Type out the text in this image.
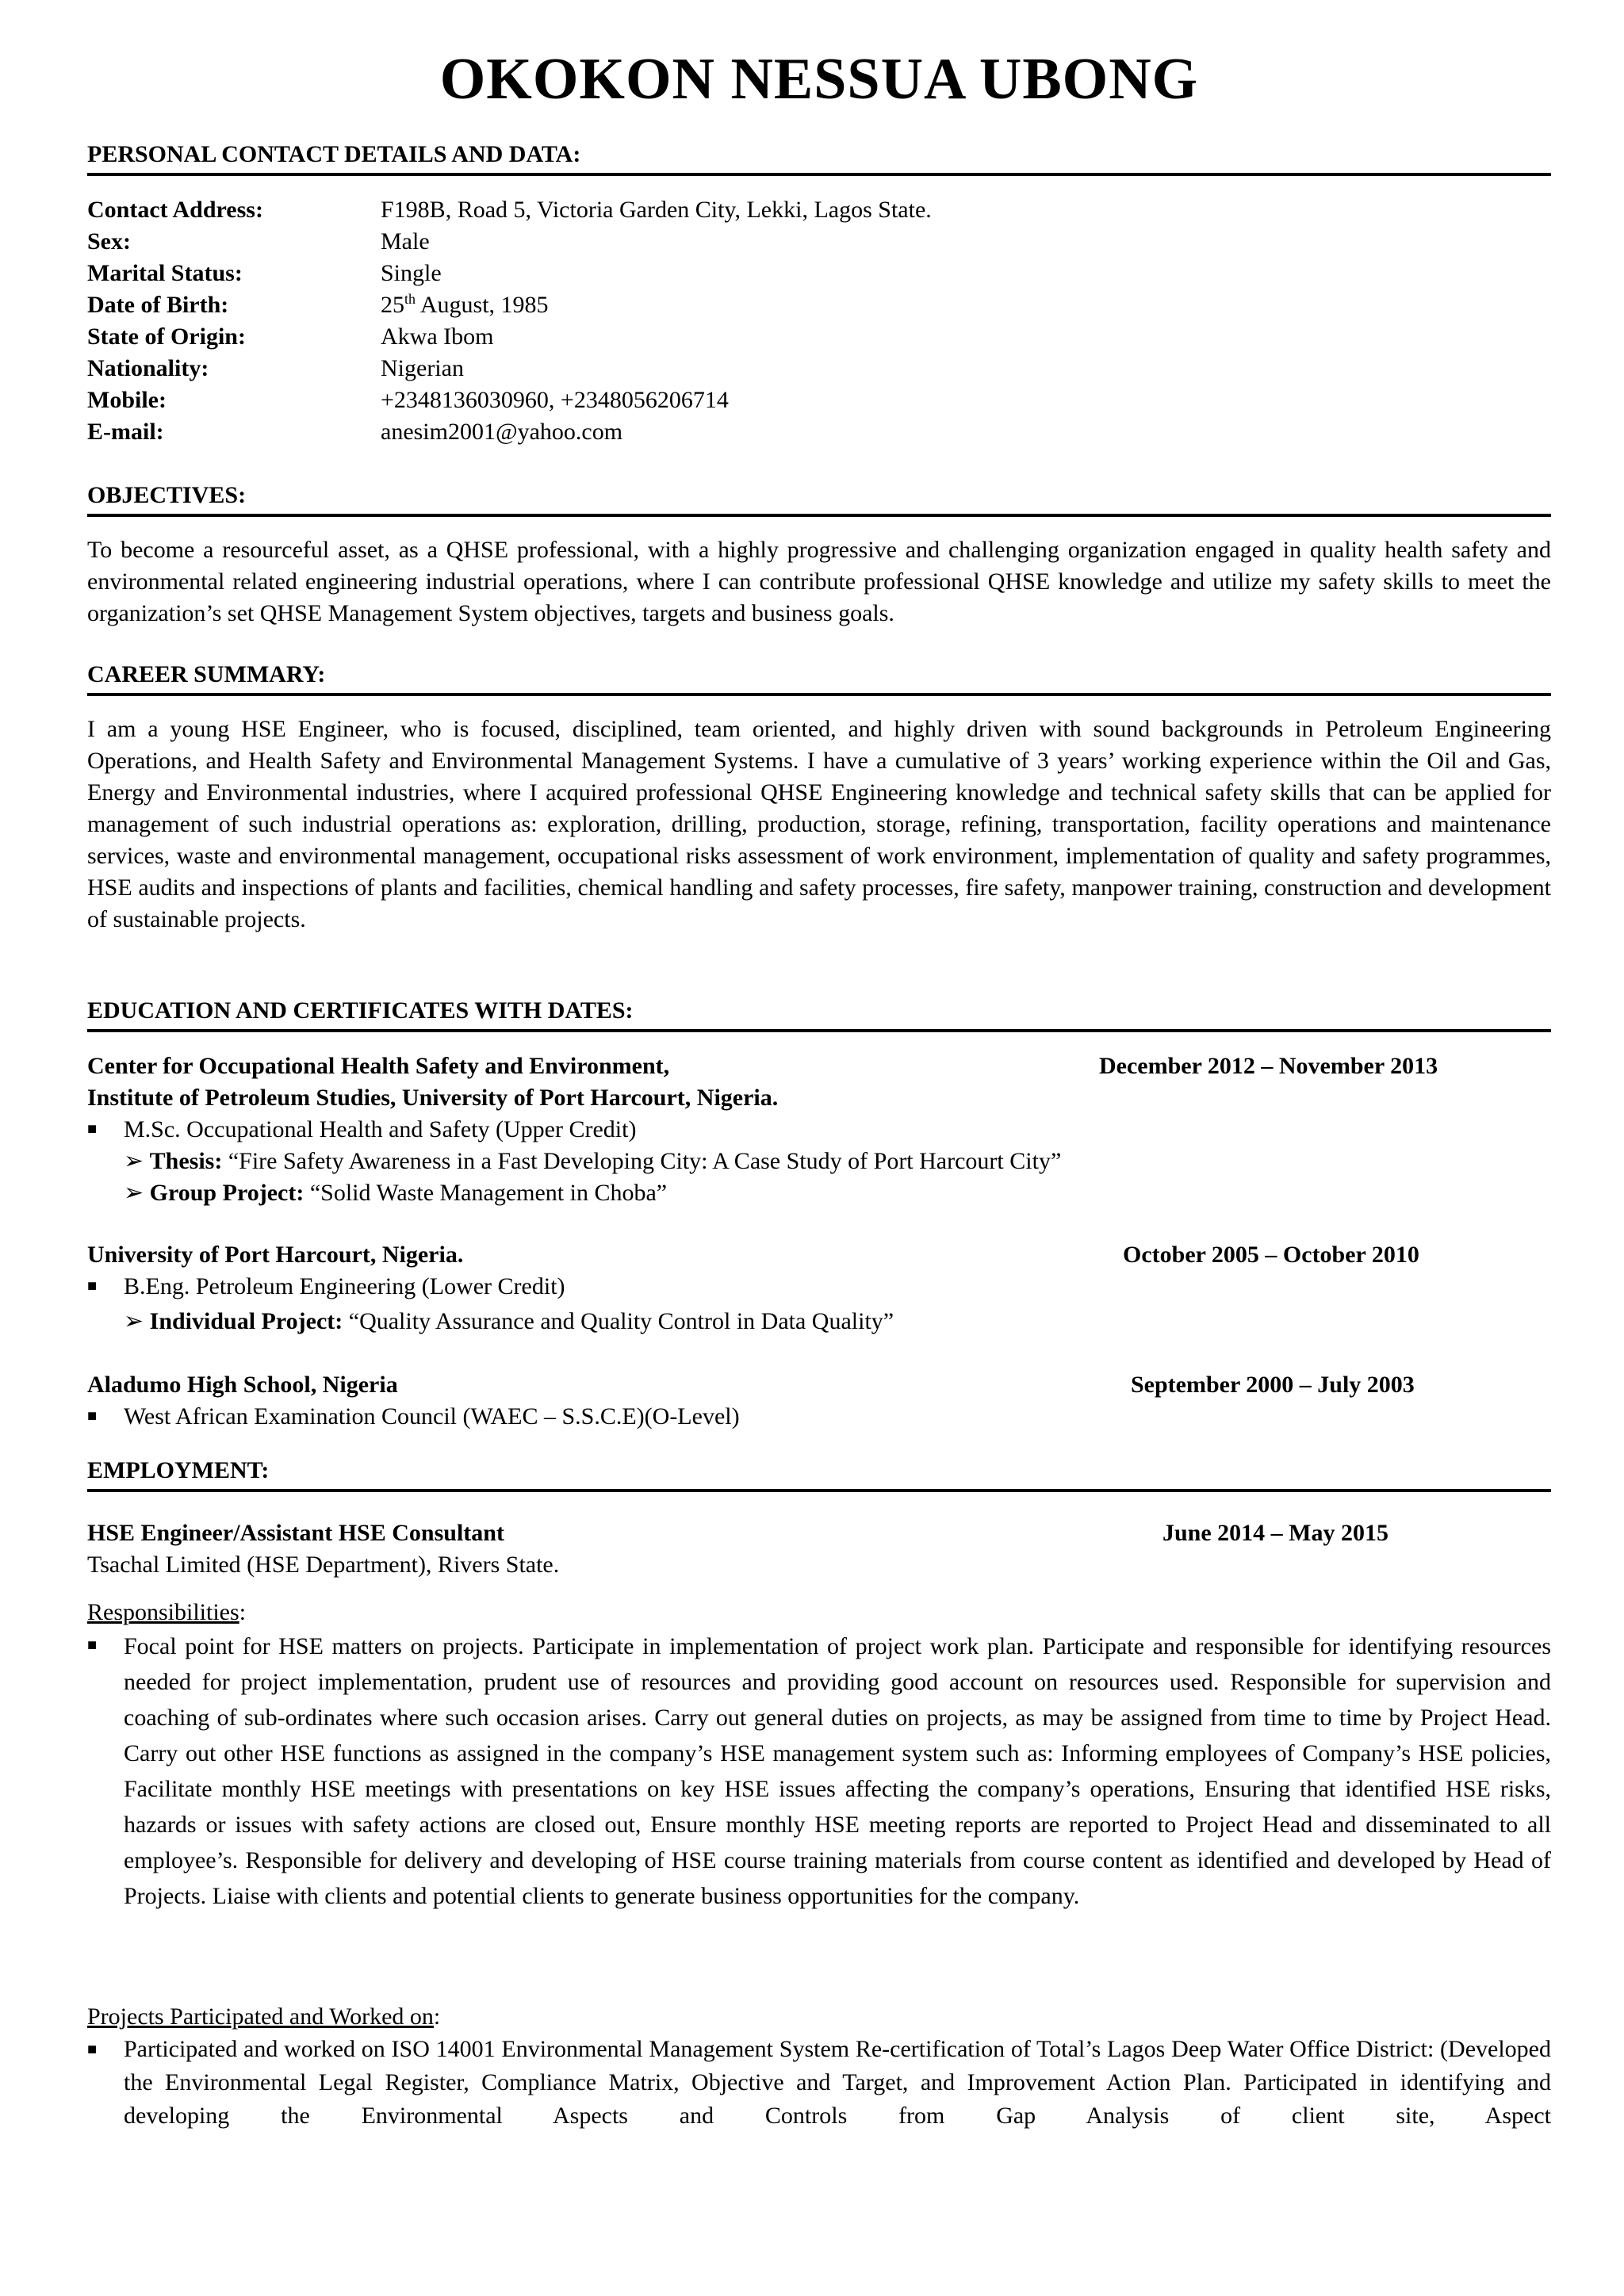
OKOKON NESSUA UBONG
PERSONAL CONTACT DETAILS AND DATA:
Contact Address:	F198B, Road 5, Victoria Garden City, Lekki, Lagos State.
Sex:	Male
Marital Status:	Single
Date of Birth:	25th August, 1985
State of Origin:	Akwa Ibom
Nationality:	Nigerian
Mobile:	+2348136030960, +2348056206714
E-mail:	anesim2001@yahoo.com
OBJECTIVES:
To become a resourceful asset, as a QHSE professional, with a highly progressive and challenging organization engaged in quality health safety and environmental related engineering industrial operations, where I can contribute professional QHSE knowledge and utilize my safety skills to meet the organization’s set QHSE Management System objectives, targets and business goals.
CAREER SUMMARY:
I am a young HSE Engineer, who is focused, disciplined, team oriented, and highly driven with sound backgrounds in Petroleum Engineering Operations, and Health Safety and Environmental Management Systems. I have a cumulative of 3 years’ working experience within the Oil and Gas, Energy and Environmental industries, where I acquired professional QHSE Engineering knowledge and technical safety skills that can be applied for management of such industrial operations as: exploration, drilling, production, storage, refining, transportation, facility operations and maintenance services, waste and environmental management, occupational risks assessment of work environment, implementation of quality and safety programmes, HSE audits and inspections of plants and facilities, chemical handling and safety processes, fire safety, manpower training, construction and development of sustainable projects.
EDUCATION AND CERTIFICATES WITH DATES:
Center for Occupational Health Safety and Environment,	December 2012 – November 2013
Institute of Petroleum Studies, University of Port Harcourt, Nigeria.
■ M.Sc. Occupational Health and Safety (Upper Credit)
➢ Thesis: “Fire Safety Awareness in a Fast Developing City: A Case Study of Port Harcourt City”
➢ Group Project: “Solid Waste Management in Choba”
University of Port Harcourt, Nigeria.	October 2005 – October 2010
■ B.Eng. Petroleum Engineering (Lower Credit)
➢ Individual Project: “Quality Assurance and Quality Control in Data Quality”
Aladumo High School, Nigeria	September 2000 – July 2003
■ West African Examination Council (WAEC – S.S.C.E)(O-Level)
EMPLOYMENT:
HSE Engineer/Assistant HSE Consultant	June 2014 – May 2015
Tsachal Limited (HSE Department), Rivers State.
Responsibilities:
■ Focal point for HSE matters on projects. Participate in implementation of project work plan. Participate and responsible for identifying resources needed for project implementation, prudent use of resources and providing good account on resources used. Responsible for supervision and coaching of sub-ordinates where such occasion arises. Carry out general duties on projects, as may be assigned from time to time by Project Head. Carry out other HSE functions as assigned in the company’s HSE management system such as: Informing employees of Company’s HSE policies, Facilitate monthly HSE meetings with presentations on key HSE issues affecting the company’s operations, Ensuring that identified HSE risks, hazards or issues with safety actions are closed out, Ensure monthly HSE meeting reports are reported to Project Head and disseminated to all employee’s. Responsible for delivery and developing of HSE course training materials from course content as identified and developed by Head of Projects. Liaise with clients and potential clients to generate business opportunities for the company.
Projects Participated and Worked on:
■ Participated and worked on ISO 14001 Environmental Management System Re-certification of Total’s Lagos Deep Water Office District: (Developed the Environmental Legal Register, Compliance Matrix, Objective and Target, and Improvement Action Plan. Participated in identifying and developing the Environmental Aspects and Controls from Gap Analysis of client site, Aspect
